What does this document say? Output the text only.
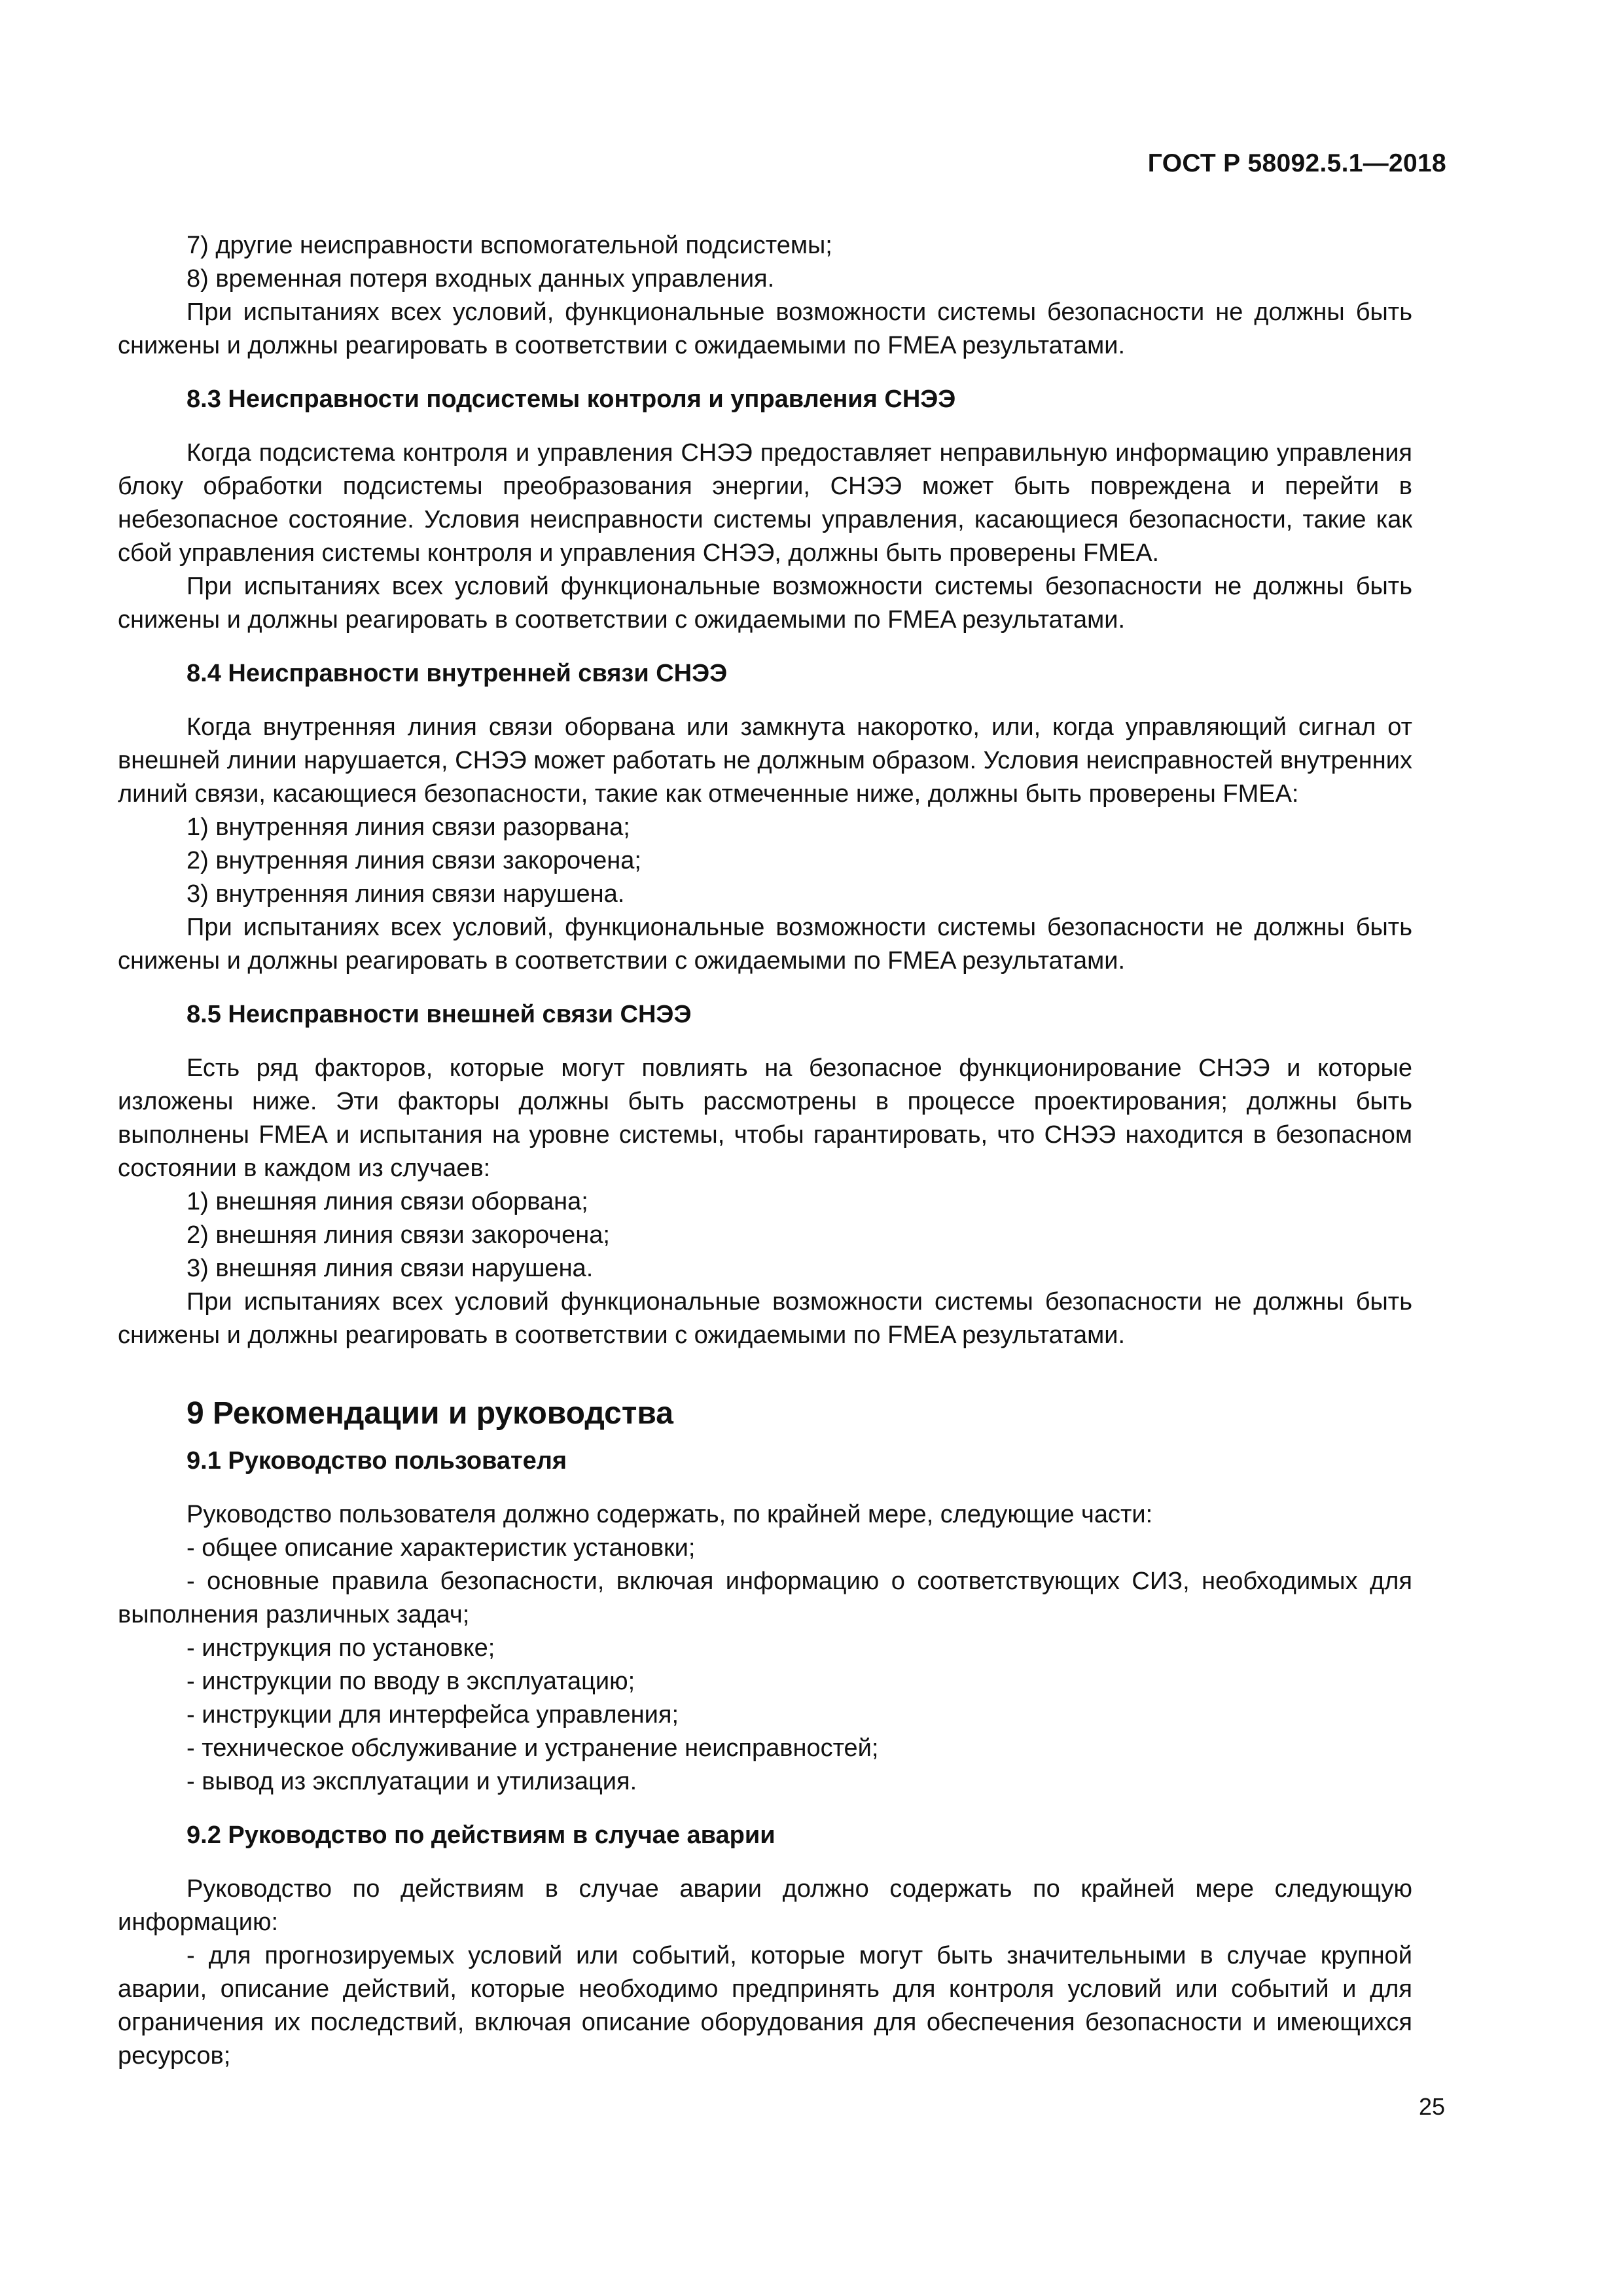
ГОСТ Р 58092.5.1—2018

7) другие неисправности вспомогательной подсистемы;

8) временная потеря входных данных управления.

При испытаниях всех условий, функциональные возможности системы безопасности не должны быть снижены и должны реагировать в соответствии с ожидаемыми по FMEA результатами.

8.3 Неисправности подсистемы контроля и управления СНЭЭ

Когда подсистема контроля и управления СНЭЭ предоставляет неправильную информацию управления блоку обработки подсистемы преобразования энергии, СНЭЭ может быть повреждена и перейти в небезопасное состояние. Условия неисправности системы управления, касающиеся безопасности, такие как сбой управления системы контроля и управления СНЭЭ, должны быть проверены FMEA.

При испытаниях всех условий функциональные возможности системы безопасности не должны быть снижены и должны реагировать в соответствии с ожидаемыми по FMEA результатами.

8.4 Неисправности внутренней связи СНЭЭ

Когда внутренняя линия связи оборвана или замкнута накоротко, или, когда управляющий сигнал от внешней линии нарушается, СНЭЭ может работать не должным образом. Условия неисправностей внутренних линий связи, касающиеся безопасности, такие как отмеченные ниже, должны быть проверены FMEA:

1) внутренняя линия связи разорвана;

2) внутренняя линия связи закорочена;

3) внутренняя линия связи нарушена.

При испытаниях всех условий, функциональные возможности системы безопасности не должны быть снижены и должны реагировать в соответствии с ожидаемыми по FMEA результатами.

8.5 Неисправности внешней связи СНЭЭ

Есть ряд факторов, которые могут повлиять на безопасное функционирование СНЭЭ и которые изложены ниже. Эти факторы должны быть рассмотрены в процессе проектирования; должны быть выполнены FMEA и испытания на уровне системы, чтобы гарантировать, что СНЭЭ находится в безопасном состоянии в каждом из случаев:

1) внешняя линия связи оборвана;

2) внешняя линия связи закорочена;

3) внешняя линия связи нарушена.

При испытаниях всех условий функциональные возможности системы безопасности не должны быть снижены и должны реагировать в соответствии с ожидаемыми по FMEA результатами.

9 Рекомендации и руководства
9.1 Руководство пользователя

Руководство пользователя должно содержать, по крайней мере, следующие части:

- общее описание характеристик установки;

- основные правила безопасности, включая информацию о соответствующих СИЗ, необходимых для выполнения различных задач;

- инструкция по установке;

- инструкции по вводу в эксплуатацию;

- инструкции для интерфейса управления;

- техническое обслуживание и устранение неисправностей;

- вывод из эксплуатации и утилизация.

9.2 Руководство по действиям в случае аварии

Руководство по действиям в случае аварии должно содержать по крайней мере следующую информацию:

- для прогнозируемых условий или событий, которые могут быть значительными в случае крупной аварии, описание действий, которые необходимо предпринять для контроля условий или событий и для ограничения их последствий, включая описание оборудования для обеспечения безопасности и имеющихся ресурсов;

25
